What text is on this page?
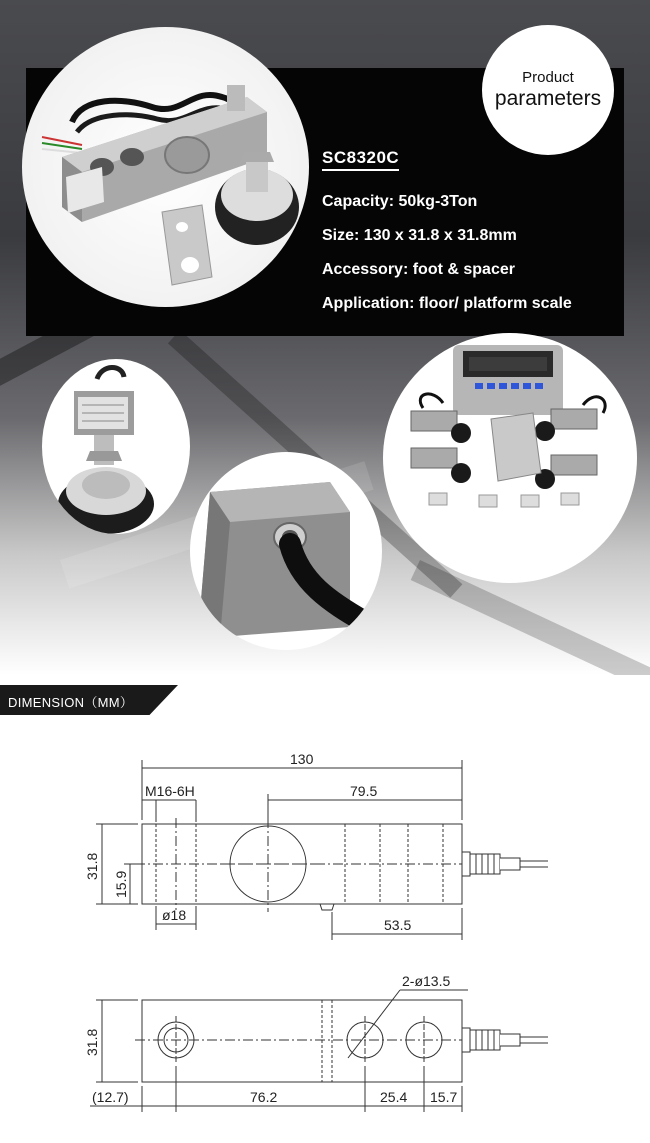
Product
parameters
SC8320C
Capacity: 50kg-3Ton
Size: 130 x 31.8 x 31.8mm
Accessory: foot & spacer
Application: floor/ platform scale
DIMENSION（MM）
130
M16-6H	79.5
31.8
15.9
ø18
53.5
2-ø13.5
31.8
(12.7)	76.2	25.4 15.7
